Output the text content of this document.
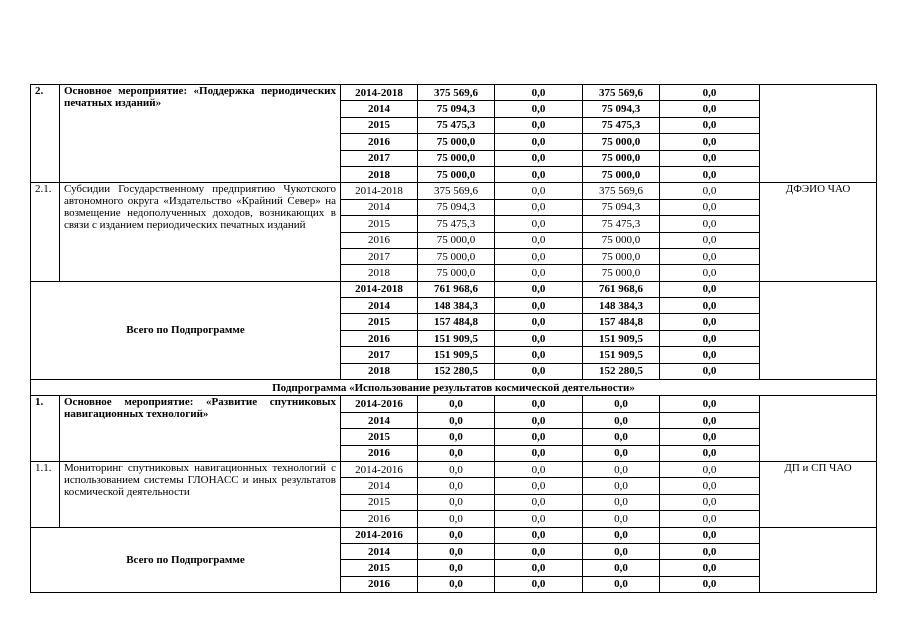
2.	Основное мероприятие: «Поддержка периодических печатных изданий»	2014-2018	375 569,6	0,0	375 569,6	0,0	
		2014	75 094,3	0,0	75 094,3	0,0	
		2015	75 475,3	0,0	75 475,3	0,0	
		2016	75 000,0	0,0	75 000,0	0,0	
		2017	75 000,0	0,0	75 000,0	0,0	
		2018	75 000,0	0,0	75 000,0	0,0	
2.1.	Субсидии Государственному предприятию Чукотского автономного округа «Издательство «Крайний Север» на возмещение недополученных доходов, возникающих в связи с изданием периодических печатных изданий	2014-2018	375 569,6	0,0	375 569,6	0,0	ДФЭИО ЧАО
		2014	75 094,3	0,0	75 094,3	0,0	
		2015	75 475,3	0,0	75 475,3	0,0	
		2016	75 000,0	0,0	75 000,0	0,0	
		2017	75 000,0	0,0	75 000,0	0,0	
		2018	75 000,0	0,0	75 000,0	0,0	
Всего по Подпрограмме		2014-2018	761 968,6	0,0	761 968,6	0,0	
		2014	148 384,3	0,0	148 384,3	0,0	
		2015	157 484,8	0,0	157 484,8	0,0	
		2016	151 909,5	0,0	151 909,5	0,0	
		2017	151 909,5	0,0	151 909,5	0,0	
		2018	152 280,5	0,0	152 280,5	0,0	
Подпрограмма «Использование результатов космической деятельности»							
1.	Основное мероприятие: «Развитие спутниковых навигационных технологий»	2014-2016	0,0	0,0	0,0	0,0	
		2014	0,0	0,0	0,0	0,0	
		2015	0,0	0,0	0,0	0,0	
		2016	0,0	0,0	0,0	0,0	
1.1.	Мониторинг спутниковых навигационных технологий с использованием системы ГЛОНАСС и иных результатов космической деятельности	2014-2016	0,0	0,0	0,0	0,0	ДП и СП ЧАО
		2014	0,0	0,0	0,0	0,0	
		2015	0,0	0,0	0,0	0,0	
		2016	0,0	0,0	0,0	0,0	
Всего по Подпрограмме		2014-2016	0,0	0,0	0,0	0,0	
		2014	0,0	0,0	0,0	0,0	
		2015	0,0	0,0	0,0	0,0	
		2016	0,0	0,0	0,0	0,0	
